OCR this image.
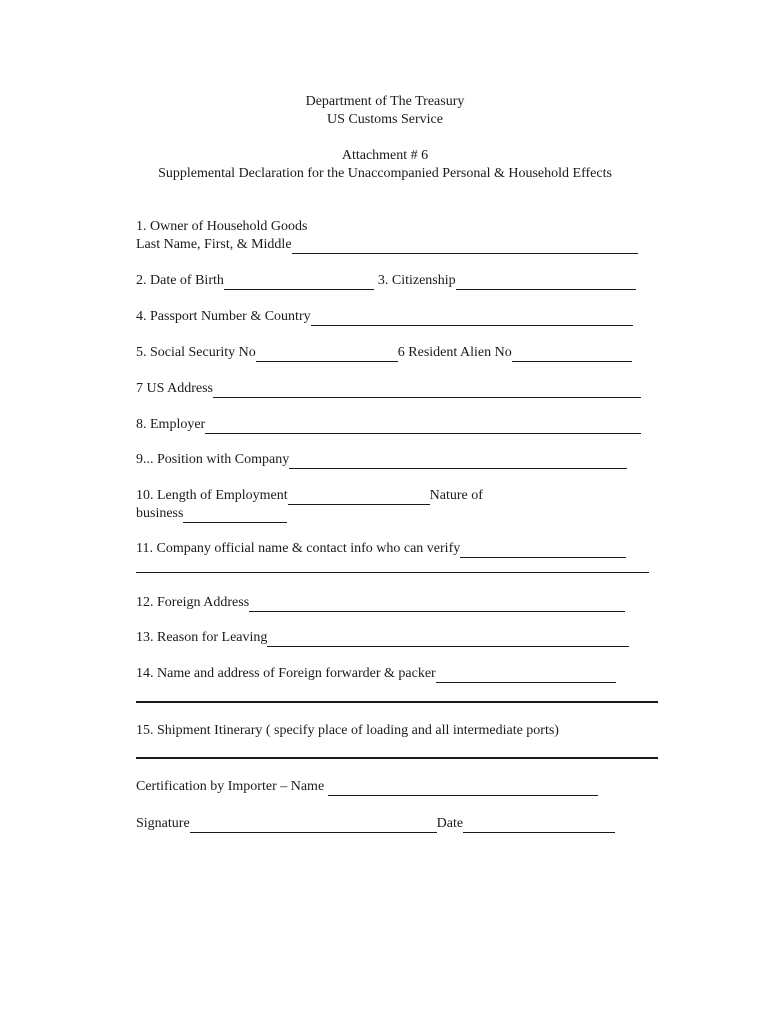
Department of The Treasury
US Customs Service
Attachment # 6
Supplemental Declaration for the Unaccompanied Personal & Household Effects
1. Owner of Household Goods
Last Name, First, & Middle
2. Date of Birth	3. Citizenship
4. Passport Number & Country
5. Social Security No	6 Resident Alien No
7 US Address
8. Employer
9... Position with Company
10. Length of Employment	Nature of
business
11. Company official name & contact info who can verify
12. Foreign Address
13. Reason for Leaving
14. Name and address of Foreign forwarder & packer
15. Shipment Itinerary ( specify place of loading and all intermediate ports)
Certification by Importer – Name
Signature	Date
